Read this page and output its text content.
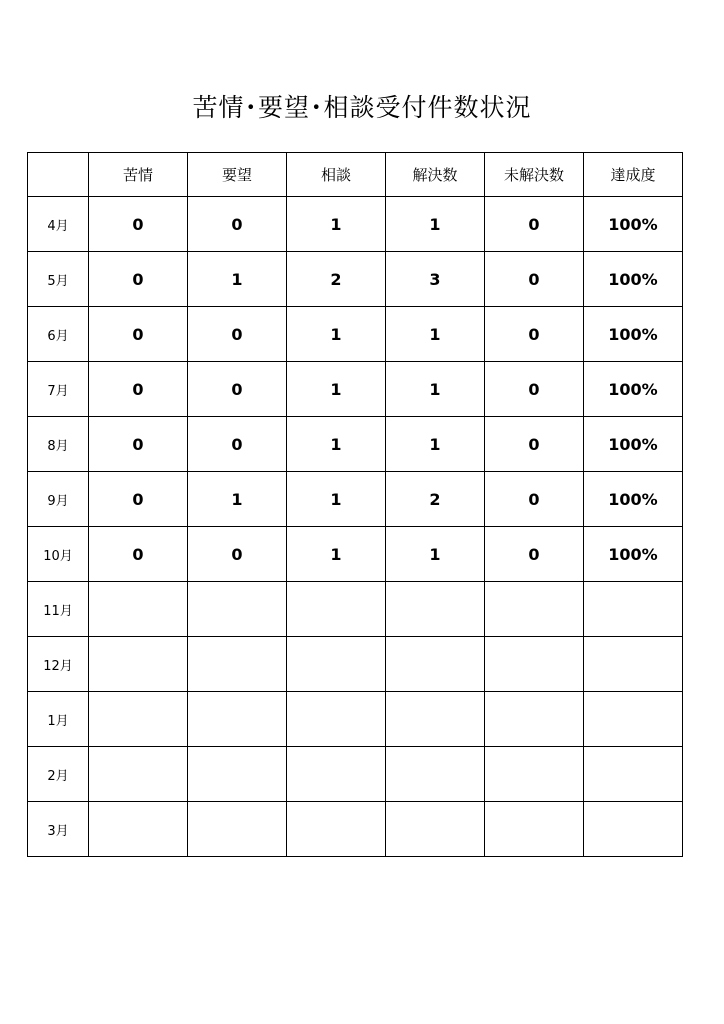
苦情･要望･相談受付件数状況
	苦情	要望	相談	解決数	未解決数	達成度
4月	0	0	1	1	0	100%
5月	0	1	2	3	0	100%
6月	0	0	1	1	0	100%
7月	0	0	1	1	0	100%
8月	0	0	1	1	0	100%
9月	0	1	1	2	0	100%
10月	0	0	1	1	0	100%
11月						
12月						
1月						
2月						
3月						
